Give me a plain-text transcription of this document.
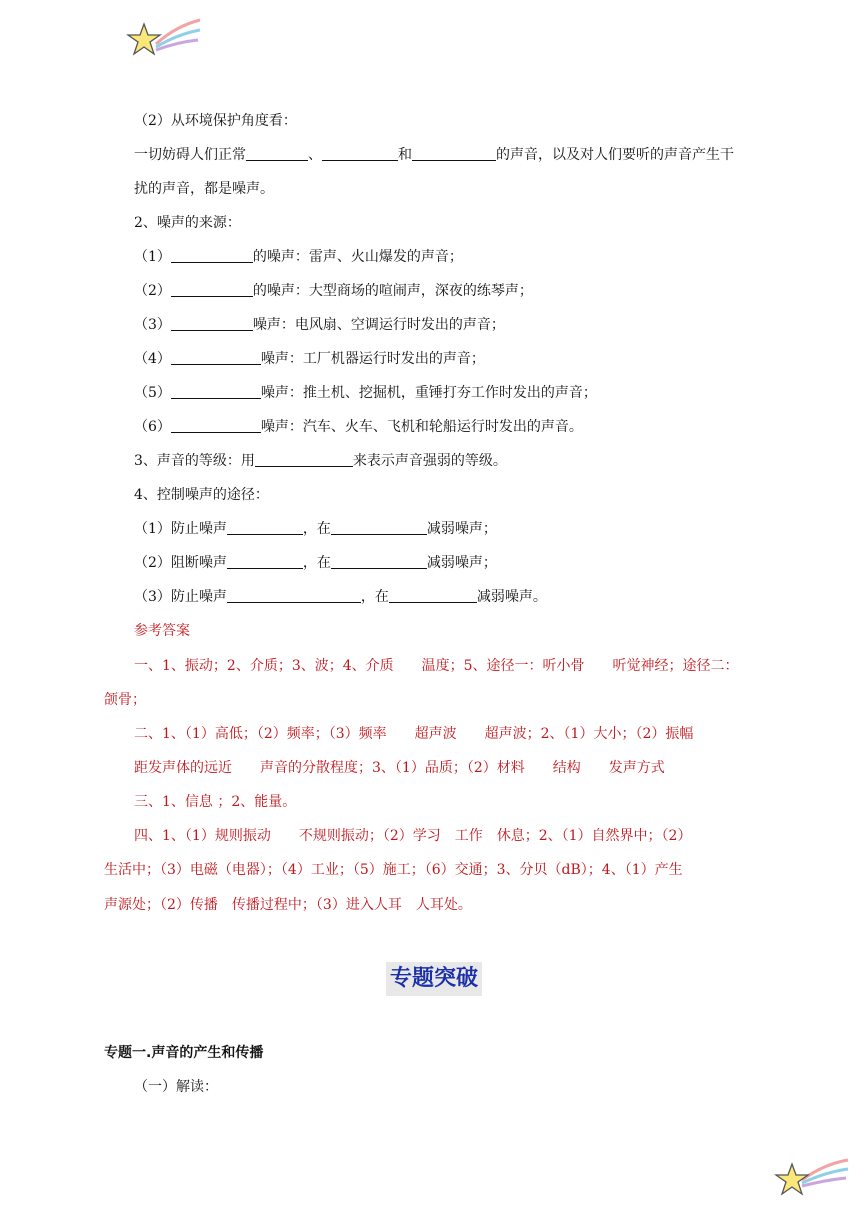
（2）从环境保护角度看：
一切妨碍人们正常	、	和	的声音，以及对人们要听的声音产生干
扰的声音，都是噪声。
2、噪声的来源：
（1）	的噪声：雷声、火山爆发的声音；
（2）	的噪声：大型商场的喧闹声，深夜的练琴声；
（3）	噪声：电风扇、空调运行时发出的声音；
（4）	噪声：工厂机器运行时发出的声音；
（5）	噪声：推土机、挖掘机，重锤打夯工作时发出的声音；
（6）	噪声：汽车、火车、飞机和轮船运行时发出的声音。
3、声音的等级：用	来表示声音强弱的等级。
4、控制噪声的途径：
（1）防止噪声	，在	减弱噪声；
（2）阻断噪声	，在	减弱噪声；
（3）防止噪声	，在	减弱噪声。
参考答案
一、1、振动；2、介质；3、波；4、介质　　温度；5、途径一：听小骨　　听觉神经；途径二：
颌骨；
二、1、（1）高低；（2）频率；（3）频率　　超声波　　超声波；2、（1）大小；（2）振幅
距发声体的远近　　声音的分散程度；3、（1）品质；（2）材料　　结构　　发声方式
三、1、信息 ；2、能量。
四、1、（1）规则振动　　不规则振动；（2）学习　工作　休息；2、（1）自然界中；（2）
生活中；（3）电磁（电器）；（4）工业；（5）施工；（6）交通；3、分贝（dB）；4、（1）产生
声源处；（2）传播　传播过程中；（3）进入人耳　人耳处。
专题突破
专题一.声音的产生和传播
（一）解读：
